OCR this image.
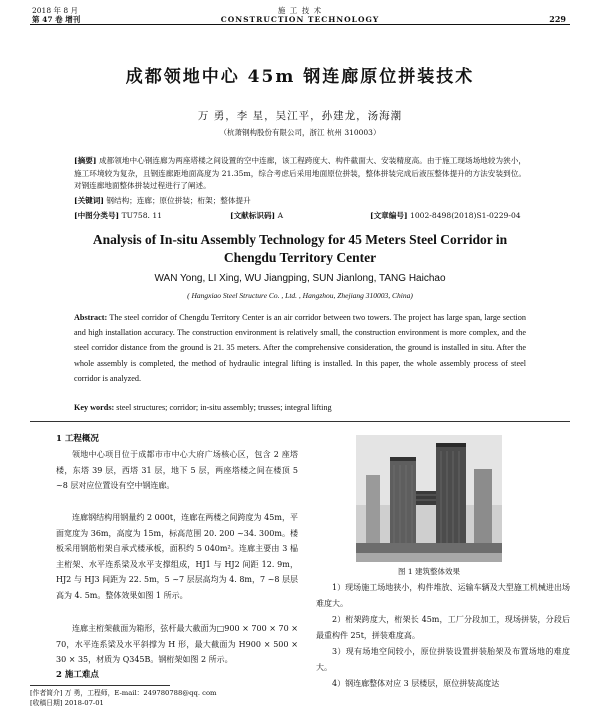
2018 年 8 月
第 47 卷 增刊
施 工 技 术
CONSTRUCTION TECHNOLOGY	229
成都领地中心 45m 钢连廊原位拼装技术
万 勇，李 星，吴江平，孙建龙，汤海潮
（杭萧钢构股份有限公司，浙江 杭州 310003）
[摘要] 成都领地中心钢连廊为两座塔楼之间设置的空中连廊，该工程跨度大、构件截面大、安装精度高。由于施工现场场地较为狭小，施工环境较为复杂，且钢连廊距地面高度为 21.35m，综合考虑后采用地面原位拼装，整体拼装完成后液压整体提升的方法安装到位。对钢连廊地面整体拼装过程进行了阐述。
[关键词] 钢结构；连廊；原位拼装；桁架；整体提升
[中图分类号] TU758. 11	[文献标识码] A	[文章编号] 1002-8498(2018)S1-0229-04
Analysis of In-situ Assembly Technology for 45 Meters Steel Corridor in Chengdu Territory Center
WAN Yong, LI Xing, WU Jiangping, SUN Jianlong, TANG Haichao
( Hangxiao Steel Structure Co. , Ltd. , Hangzhou, Zhejiang 310003, China)
Abstract: The steel corridor of Chengdu Territory Center is an air corridor between two towers. The project has large span, large section and high installation accuracy. The construction environment is relatively small, the construction environment is more complex, and the steel corridor distance from the ground is 21. 35 meters. After the comprehensive consideration, the ground is installed in situ. After the whole assembly is completed, the method of hydraulic integral lifting is installed. In this paper, the whole assembly process of steel corridor is analyzed.
Key words: steel structures; corridor; in-situ assembly; trusses; integral lifting
1 工程概况
领地中心项目位于成都市市中心大府广场核心区，包含 2 座塔楼，东塔 39 层，西塔 31 层，地下 5 层，两座塔楼之间在楼顶 5 ~8 层对应位置设有空中钢连廊。
连廊钢结构用钢量约 2 000t，连廊在两楼之间跨度为 45m，平面宽度为 36m，高度为 15m，标高范围 20. 200 ~34. 300m。楼板采用钢筋桁架自承式楼承板，面积约 5 040m²。连廊主要由 3 榀主桁架、水平连系梁及水平支撑组成，HJ1 与 HJ2 间距 12. 9m，HJ2 与 HJ3 间距为 22. 5m，5 ~7 层层高均为 4. 8m，7 ~8 层层高为 4. 5m。整体效果如图 1 所示。
连廊主桁架截面为箱形，弦杆最大截面为□900 × 700 × 70 × 70，水平连系梁及水平斜撑为 H 形，最大截面为 H900 × 500 × 30 × 35，材质为 Q345B。钢桁架如图 2 所示。
2 施工难点
图 1 建筑整体效果
1）现场施工场地狭小，构件堆放、运输车辆及大型施工机械进出场难度大。
2）桁架跨度大，桁架长 45m，工厂分段加工，现场拼装，分段后最重构件 25t，拼装难度高。
3）现有场地空间较小，原位拼装设置拼装胎架及布置场地的难度大。
4）钢连廊整体对应 3 层楼层，原位拼装高度达
[作者简介] 万 勇，工程师，E-mail：249780788@qq. com
[收稿日期] 2018-07-01
